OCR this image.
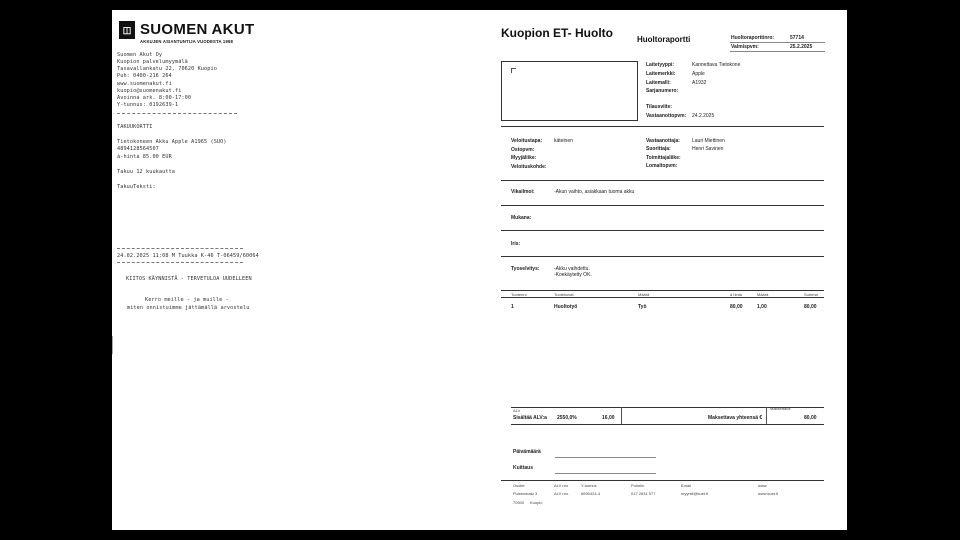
◫ SUOMEN AKUT
AKKUJEN ASIANTUNTIJA VUODESTA 1958
Suomen Akut Oy
Kuopion palvelumyymälä
Tasavallankatu 22, 70620 Kuopio
Puh: 0400-216 264
www.suomenakut.fi
kuopio@suomenakut.fi
Avoinna ark. 8:00-17:00
Y-tunnus: 0192639-1
TAKUUKORTTI
Tietokoneen Akku Apple A1965 (SUO)
4894128564507
à-hinta 85.00 EUR
Takuu 12 kuukautta
TakuuTeksti:
24.02.2025 11:08 M Tuukka K-46 T-06459/60064
KIITOS KÄYNNISTÄ - TERVETULOA UUDELLEEN
Kerro meille - ja muille -
miten onnistuimme jättämällä arvostelu
Kuopion ET- Huolto	Huoltoraportti	Huoltoraporttinro:	57714
Valmispvm:	25.2.2025
Laitetyyppi:	Kannettava Tietokone
Laitemerkki:	Apple
Laitemalli:	A1932
Sarjanumero:
Tilausviite:
Vastaanottopvm: 24.2.2025
Veloitustapa: käteinen
Ostopvm:
Myyjäliike:
Veloituskohde:
Vastaanottaja: Lauri Miettinen
Suorittaja:	Henri Savinen
Toimittajaliike:
Lomaltopvm:
Vikailmoi:	-Akun vaihto, asiakkaan tuoma akku
Mukana:
Iris:
Tyoselvitys:	-Akku vaihdettu.
-Koekäytetty OK.
Tuotenro	Tuotekuvat	Määrä	à hinta	Määrä	Summa
1	Huoltotyö	Työ	80,00	1,00	80,00
ALV	Maksettava
Sisältää ALV:a 2550,0%	16,00	Maksettava yhteensä €	80,00
Päivämäärä
Kuittaus
Osoite	ALV nro	Y-tunnus	Puhelin	Email	www
Puistonkatu 3	ALV nro.	6690424-4	017 2631 577	myyntii@kuet.fi	www.kuet.fi
70500 Kuopio
